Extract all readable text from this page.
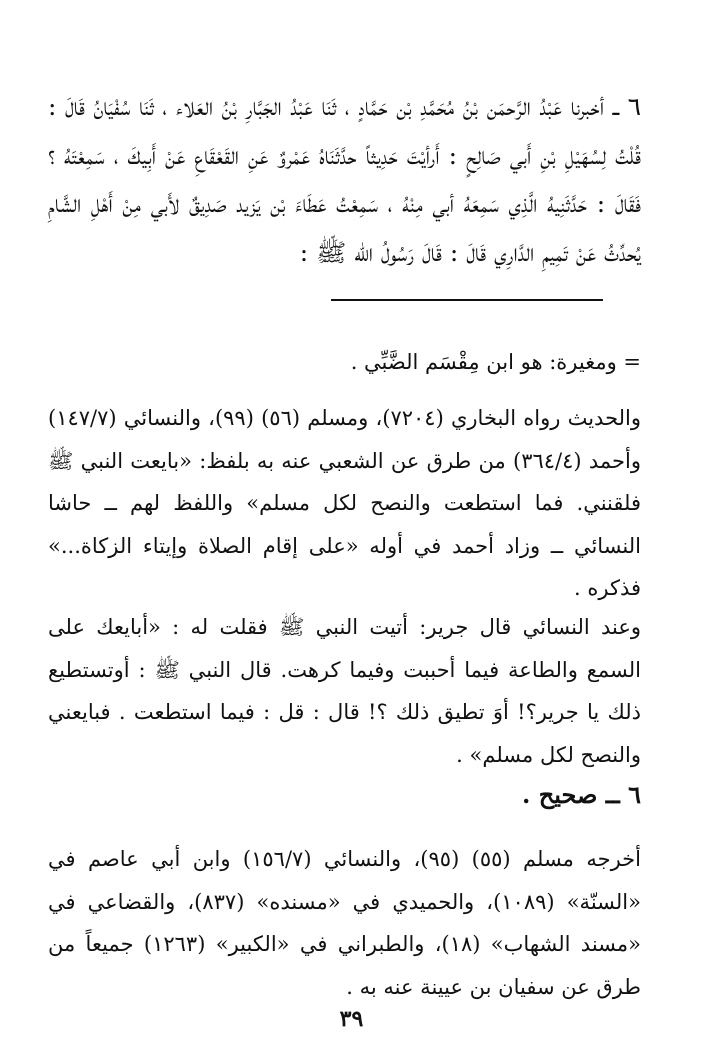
٦ ــ أخبرنا عَبْدُ الرَّحمَن بْنُ مُحَمَّدِ بْن حَمَّادٍ ، ثَنَا عَبْدُ الجَبَّارِ بْنُ العَلاء ، ثَنَا سُفْيَانُ قَالَ : قُلْتُ لِسُهَيْلِ بْنِ أَبي صَالِحٍ : أَرأيْتَ حَدِيثاً حدَّثَنَاهُ عَمْروٌ عَنِ القَعْقَاعِ عَنْ أَبِيكَ ، سَمِعْتَهُ ؟ فَقَالَ : حَدَّثَنِيهُ الَّذِي سَمِعَهُ أبي مِنْهُ ، سَمِعْتُ عَطَاءَ بْن يَزيد صَدِيقٌ لأَبي مِنْ أَهْلِ الشَّامِ يُحدِّثُ عَنْ تَمِيمِ الدَّارِي قَالَ : قَالَ رَسُولُ الله ﷺ :

= ومغيرة: هو ابن مِقْسَم الضَّبِّي .

والحديث رواه البخاري (٧٢٠٤)، ومسلم (٥٦) (٩٩)، والنسائي (١٤٧/٧) وأحمد (٣٦٤/٤) من طرق عن الشعبي عنه به بلفظ: «بايعت النبي ﷺ فلقنني. فما استطعت والنصح لكل مسلم» واللفظ لهم ــ حاشا النسائي ــ وزاد أحمد في أوله «على إقام الصلاة وإيتاء الزكاة...» فذكره .

وعند النسائي قال جرير: أتيت النبي ﷺ فقلت له : «أبايعك على السمع والطاعة فيما أحببت وفيما كرهت. قال النبي ﷺ : أوتستطيع ذلك يا جرير؟! أوَ تطيق ذلك ؟! قال : قل : فيما استطعت . فبايعني والنصح لكل مسلم» .

٦ ــ صحيح .

أخرجه مسلم (٥٥) (٩٥)، والنسائي (١٥٦/٧) وابن أبي عاصم في «السنّة» (١٠٨٩)، والحميدي في «مسنده» (٨٣٧)، والقضاعي في «مسند الشهاب» (١٨)، والطبراني في «الكبير» (١٢٦٣) جميعاً من طرق عن سفيان بن عيينة عنه به .

٣٩
